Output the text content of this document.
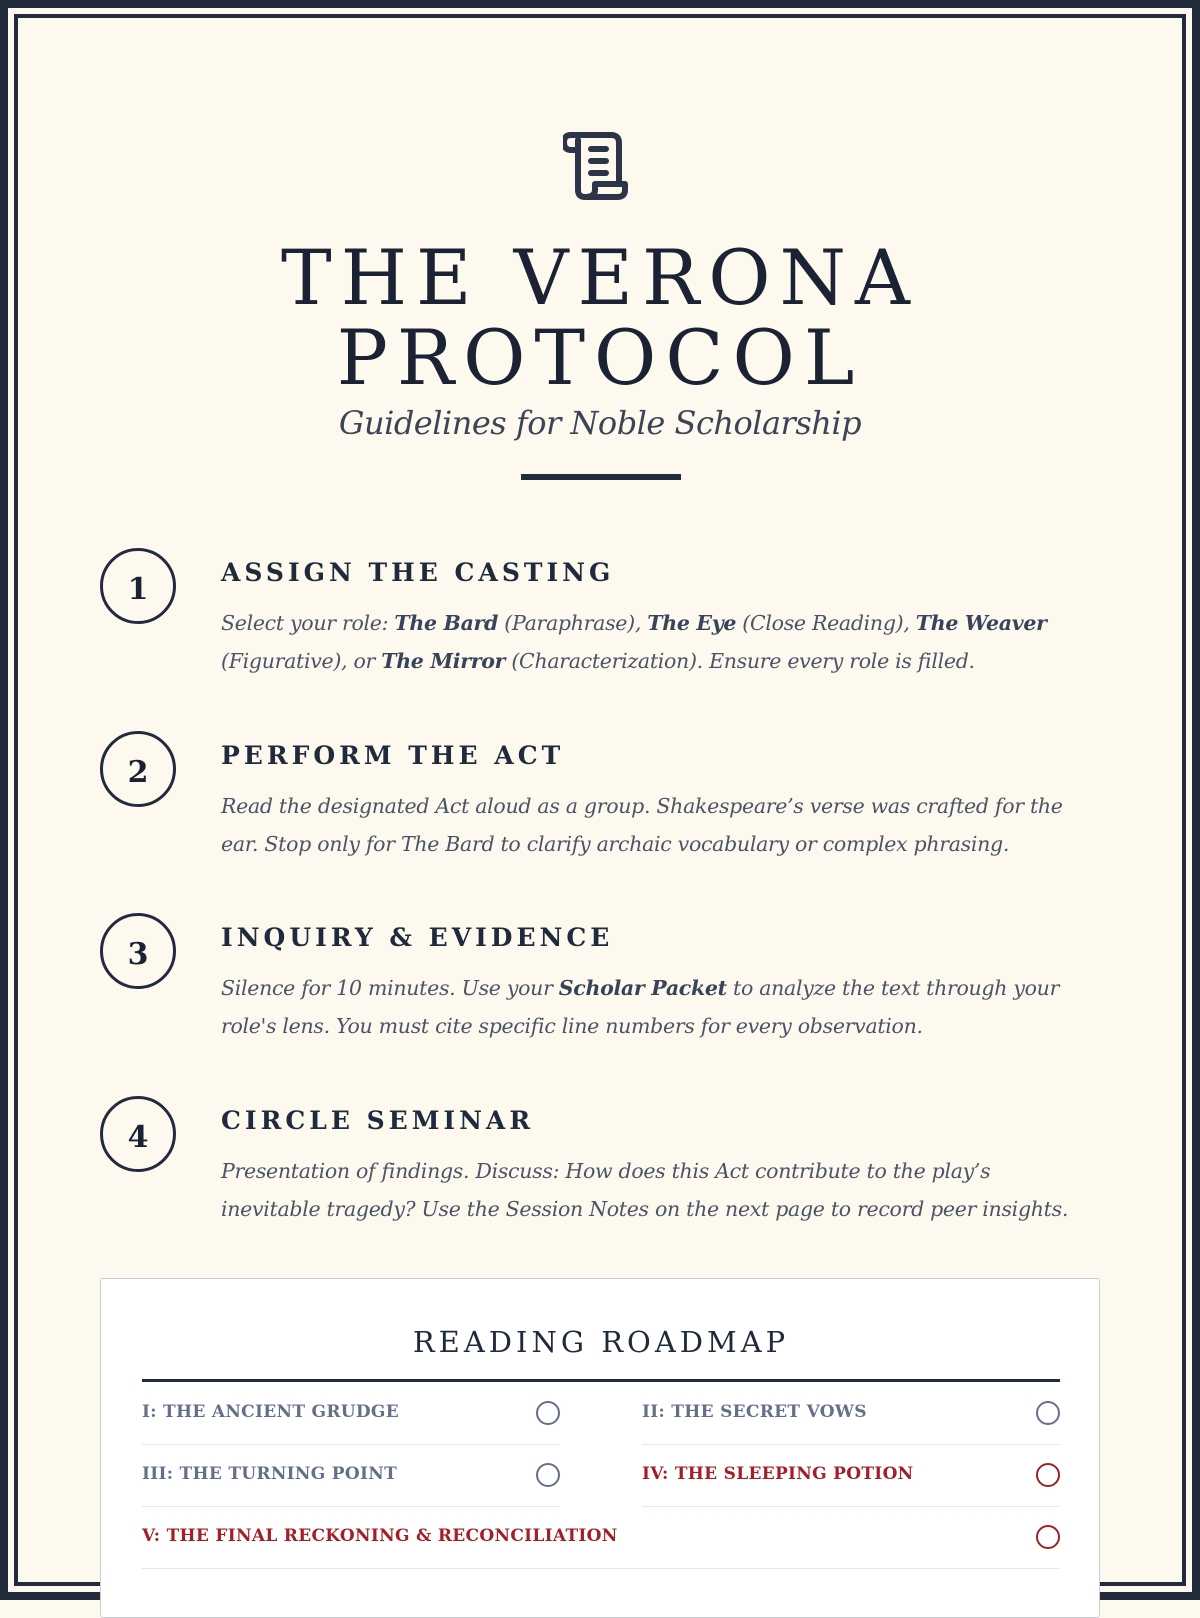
THE VERONA
PROTOCOL
Guidelines for Noble Scholarship
1	ASSIGN THE CASTING

Select your role: The Bard (Paraphrase), The Eye (Close Reading), The Weaver (Figurative), or The Mirror (Characterization). Ensure every role is filled.

2	PERFORM THE ACT

Read the designated Act aloud as a group. Shakespeare’s verse was crafted for the ear. Stop only for The Bard to clarify archaic vocabulary or complex phrasing.

3	INQUIRY & EVIDENCE

Silence for 10 minutes. Use your Scholar Packet to analyze the text through your role's lens. You must cite specific line numbers for every observation.

4	CIRCLE SEMINAR

Presentation of findings. Discuss: How does this Act contribute to the play’s inevitable tragedy? Use the Session Notes on the next page to record peer insights.

READING ROADMAP
I: THE ANCIENT GRUDGE	II: THE SECRET VOWS
III: THE TURNING POINT	IV: THE SLEEPING POTION
V: THE FINAL RECKONING & RECONCILIATION
